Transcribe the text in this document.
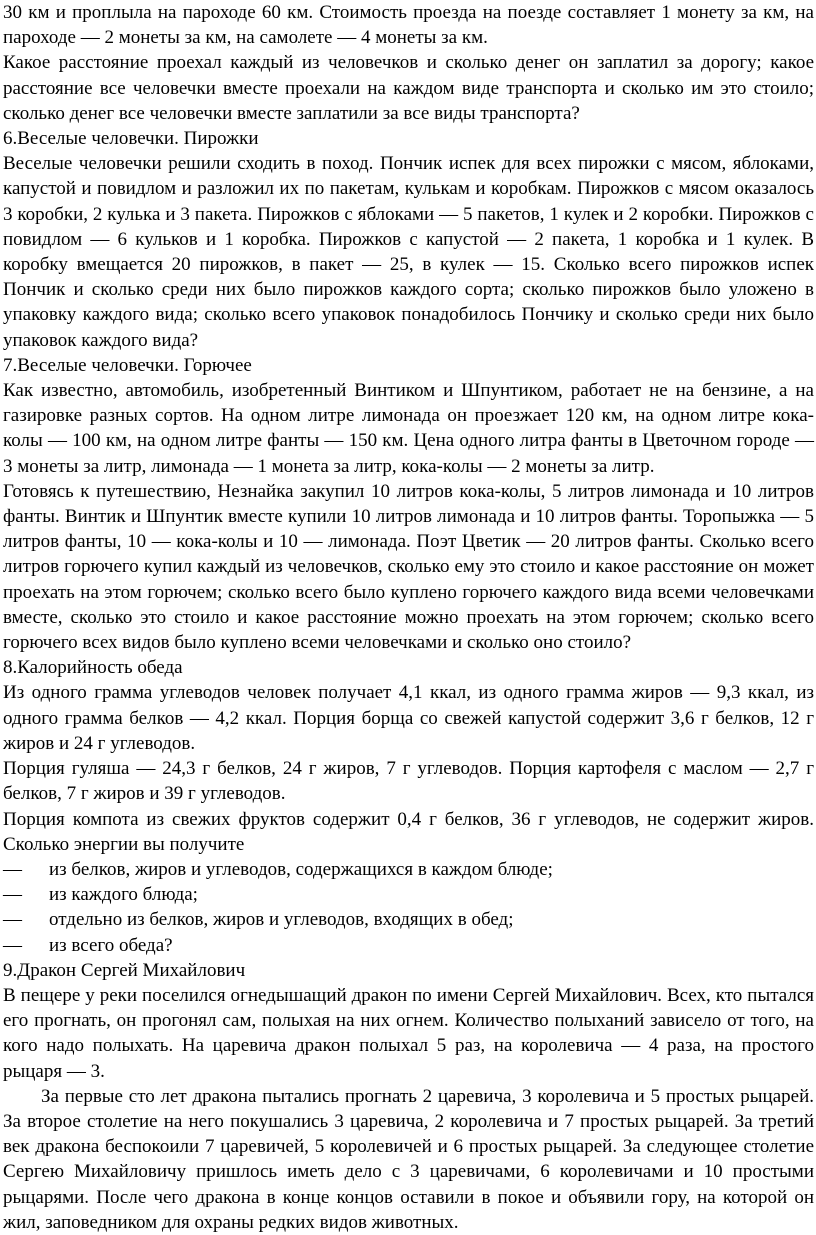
30 км и проплыла на пароходе 60 км. Стоимость проезда на поезде составляет 1 монету за км, на пароходе — 2 монеты за км, на самолете — 4 монеты за км.

Какое расстояние проехал каждый из человечков и сколько денег он заплатил за дорогу; какое расстояние все человечки вместе проехали на каждом виде транспорта и сколько им это стоило; сколько денег все человечки вместе заплатили за все виды транспорта?

6.Веселые человечки. Пирожки

Веселые человечки решили сходить в поход. Пончик испек для всех пирожки с мясом, яблоками, капустой и повидлом и разложил их по пакетам, кулькам и коробкам. Пирожков с мясом оказалось 3 коробки, 2 кулька и 3 пакета. Пирожков с яблоками — 5 пакетов, 1 кулек и 2 коробки. Пирожков с повидлом — 6 кульков и 1 коробка. Пирожков с капустой — 2 пакета, 1 коробка и 1 кулек. В коробку вмещается 20 пирожков, в пакет — 25, в кулек — 15. Сколько всего пирожков испек Пончик и сколько среди них было пирожков каждого сорта; сколько пирожков было уложено в упаковку каждого вида; сколько всего упаковок понадобилось Пончику и сколько среди них было упаковок каждого вида?

7.Веселые человечки. Горючее

Как известно, автомобиль, изобретенный Винтиком и Шпунтиком, работает не на бензине, а на газировке разных сортов. На одном литре лимонада он проезжает 120 км, на одном литре кока-колы — 100 км, на одном литре фанты — 150 км. Цена одного литра фанты в Цветочном городе — 3 монеты за литр, лимонада — 1 монета за литр, кока-колы — 2 монеты за литр.

Готовясь к путешествию, Незнайка закупил 10 литров кока-колы, 5 литров лимонада и 10 литров фанты. Винтик и Шпунтик вместе купили 10 литров лимонада и 10 литров фанты. Торопыжка — 5 литров фанты, 10 — кока-колы и 10 — лимонада. Поэт Цветик — 20 литров фанты. Сколько всего литров горючего купил каждый из человечков, сколько ему это стоило и какое расстояние он может проехать на этом горючем; сколько всего было куплено горючего каждого вида всеми человечками вместе, сколько это стоило и какое расстояние можно проехать на этом горючем; сколько всего горючего всех видов было куплено всеми человечками и сколько оно стоило?

8.Калорийность обеда

Из одного грамма углеводов человек получает 4,1 ккал, из одного грамма жиров — 9,3 ккал, из одного грамма белков — 4,2 ккал. Порция борща со свежей капустой содержит 3,6 г белков, 12 г жиров и 24 г углеводов.

Порция гуляша — 24,3 г белков, 24 г жиров, 7 г углеводов. Порция картофеля с маслом — 2,7 г белков, 7 г жиров и 39 г углеводов.

Порция компота из свежих фруктов содержит 0,4 г белков, 36 г углеводов, не содержит жиров. Сколько энергии вы получите

—	из белков, жиров и углеводов, содержащихся в каждом блюде;
—	из каждого блюда;
—	отдельно из белков, жиров и углеводов, входящих в обед;
—	из всего обеда?

9.Дракон Сергей Михайлович

В пещере у реки поселился огнедышащий дракон по имени Сергей Михайлович. Всех, кто пытался его прогнать, он прогонял сам, полыхая на них огнем. Количество полыханий зависело от того, на кого надо полыхать. На царевича дракон полыхал 5 раз, на королевича — 4 раза, на простого рыцаря — 3.

За первые сто лет дракона пытались прогнать 2 царевича, 3 королевича и 5 простых рыцарей. За второе столетие на него покушались 3 царевича, 2 королевича и 7 простых рыцарей. За третий век дракона беспокоили 7 царевичей, 5 королевичей и 6 простых рыцарей. За следующее столетие Сергею Михайловичу пришлось иметь дело с 3 царевичами, 6 королевичами и 10 простыми рыцарями. После чего дракона в конце концов оставили в покое и объявили гору, на которой он жил, заповедником для охраны редких видов животных.
